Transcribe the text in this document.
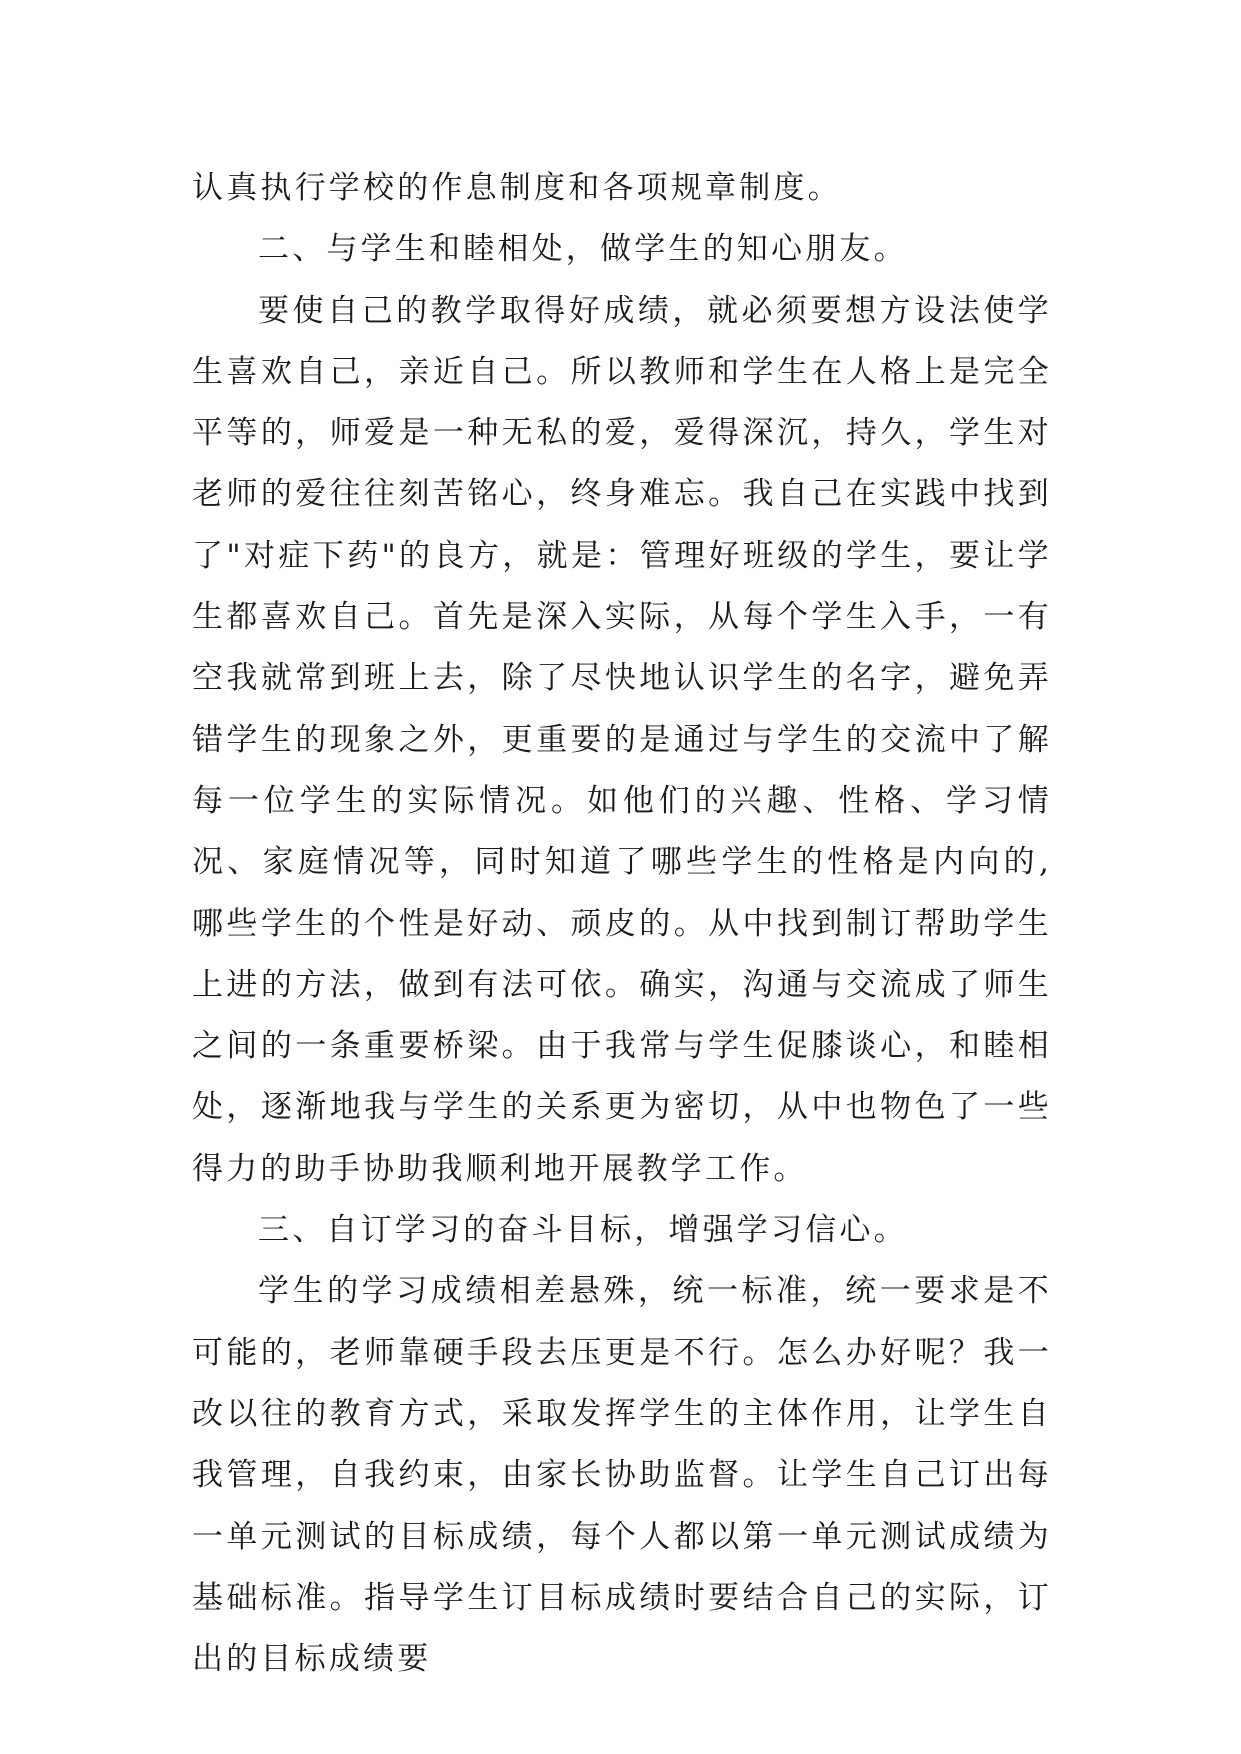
认真执行学校的作息制度和各项规章制度。

二、与学生和睦相处，做学生的知心朋友。

要使自己的教学取得好成绩，就必须要想方设法使学生喜欢自己，亲近自己。所以教师和学生在人格上是完全平等的，师爱是一种无私的爱，爱得深沉，持久，学生对老师的爱往往刻苦铭心，终身难忘。我自己在实践中找到了"对症下药"的良方，就是：管理好班级的学生，要让学生都喜欢自己。首先是深入实际，从每个学生入手，一有空我就常到班上去，除了尽快地认识学生的名字，避免弄错学生的现象之外，更重要的是通过与学生的交流中了解每一位学生的实际情况。如他们的兴趣、性格、学习情况、家庭情况等，同时知道了哪些学生的性格是内向的,哪些学生的个性是好动、顽皮的。从中找到制订帮助学生上进的方法，做到有法可依。确实，沟通与交流成了师生之间的一条重要桥梁。由于我常与学生促膝谈心，和睦相处，逐渐地我与学生的关系更为密切，从中也物色了一些得力的助手协助我顺利地开展教学工作。

三、自订学习的奋斗目标，增强学习信心。

学生的学习成绩相差悬殊，统一标准，统一要求是不可能的，老师靠硬手段去压更是不行。怎么办好呢？我一改以往的教育方式，采取发挥学生的主体作用，让学生自我管理，自我约束，由家长协助监督。让学生自己订出每一单元测试的目标成绩，每个人都以第一单元测试成绩为基础标准。指导学生订目标成绩时要结合自己的实际，订出的目标成绩要
